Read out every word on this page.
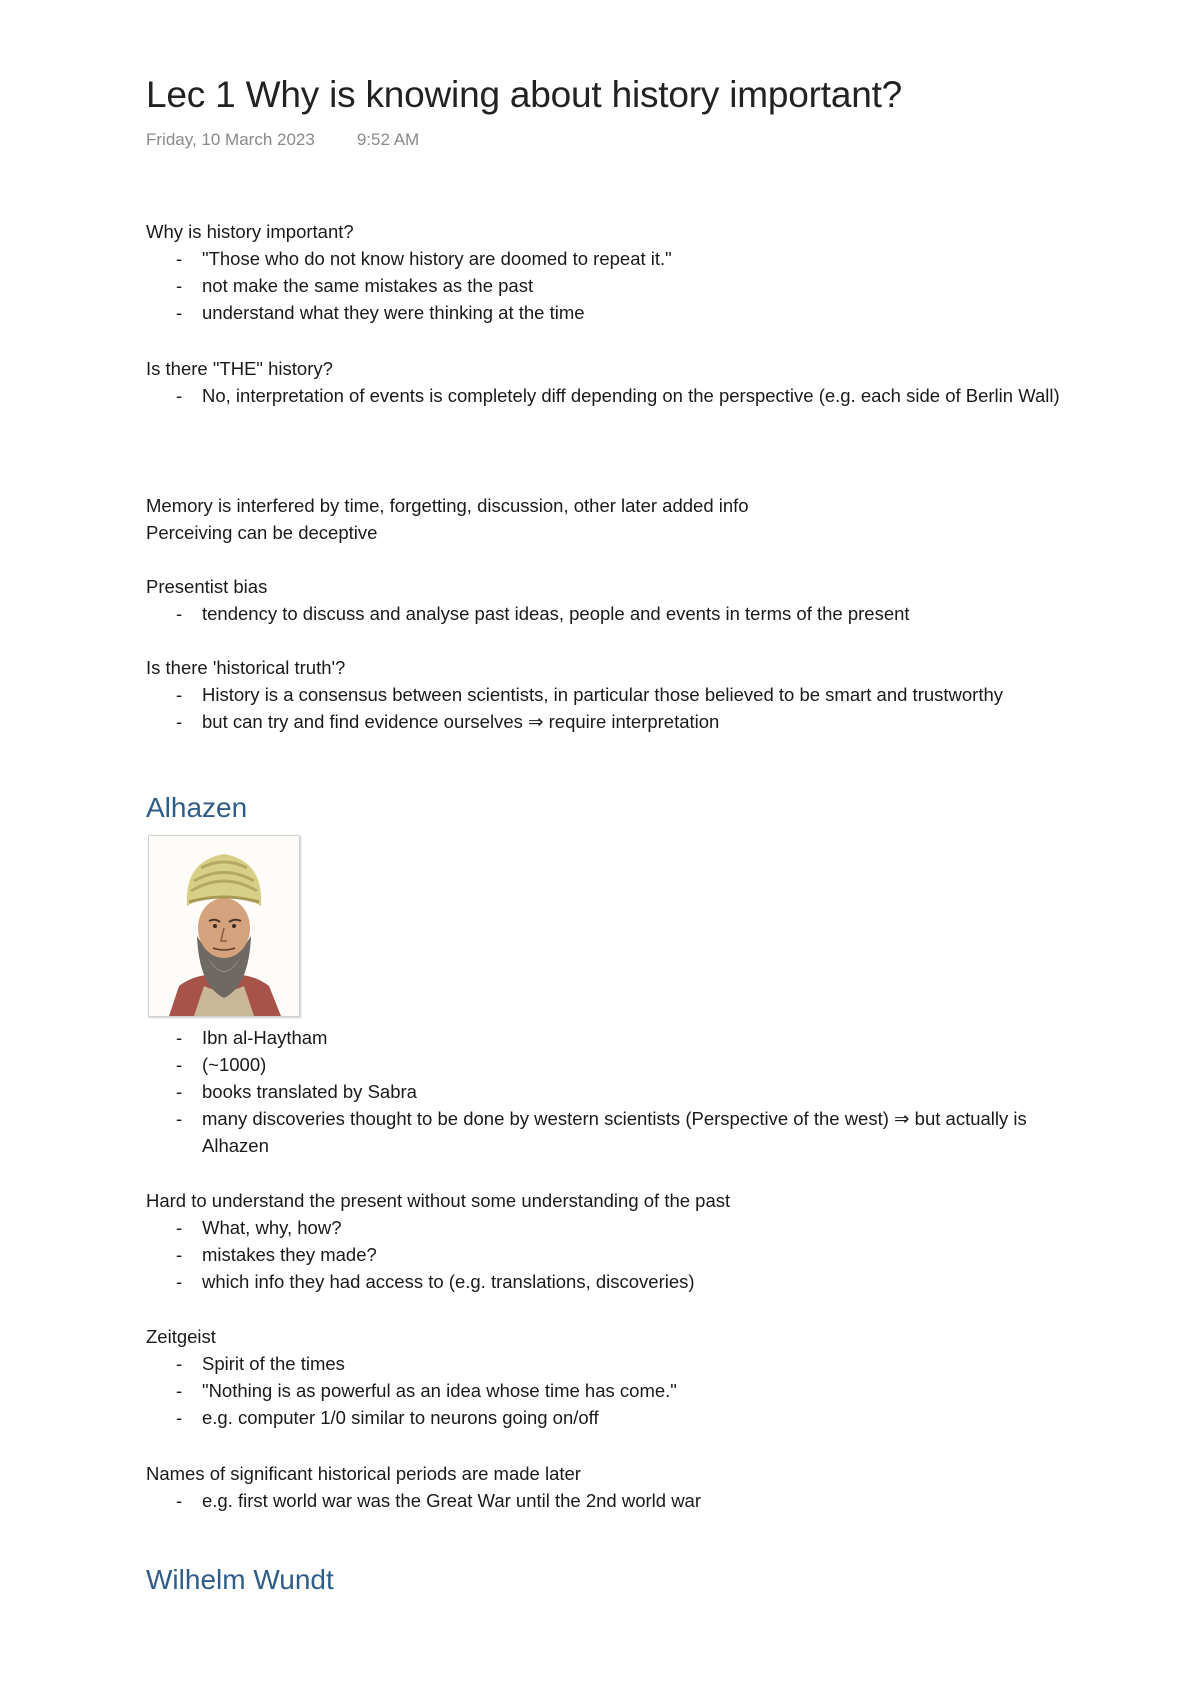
Lec 1 Why is knowing about history important?
Friday, 10 March 2023 9:52 AM
Why is history important?
- "Those who do not know history are doomed to repeat it."
- not make the same mistakes as the past
- understand what they were thinking at the time
Is there "THE" history?
- No, interpretation of events is completely diff depending on the perspective (e.g. each side of Berlin Wall)
Memory is interfered by time, forgetting, discussion, other later added info
Perceiving can be deceptive
Presentist bias
- tendency to discuss and analyse past ideas, people and events in terms of the present
Is there 'historical truth'?
- History is a consensus between scientists, in particular those believed to be smart and trustworthy
- but can try and find evidence ourselves ⇒ require interpretation
Alhazen
- Ibn al-Haytham
- (~1000)
- books translated by Sabra
- many discoveries thought to be done by western scientists (Perspective of the west) ⇒ but actually is Alhazen
Hard to understand the present without some understanding of the past
- What, why, how?
- mistakes they made?
- which info they had access to (e.g. translations, discoveries)
Zeitgeist
- Spirit of the times
- "Nothing is as powerful as an idea whose time has come."
- e.g. computer 1/0 similar to neurons going on/off
Names of significant historical periods are made later
- e.g. first world war was the Great War until the 2nd world war
Wilhelm Wundt
